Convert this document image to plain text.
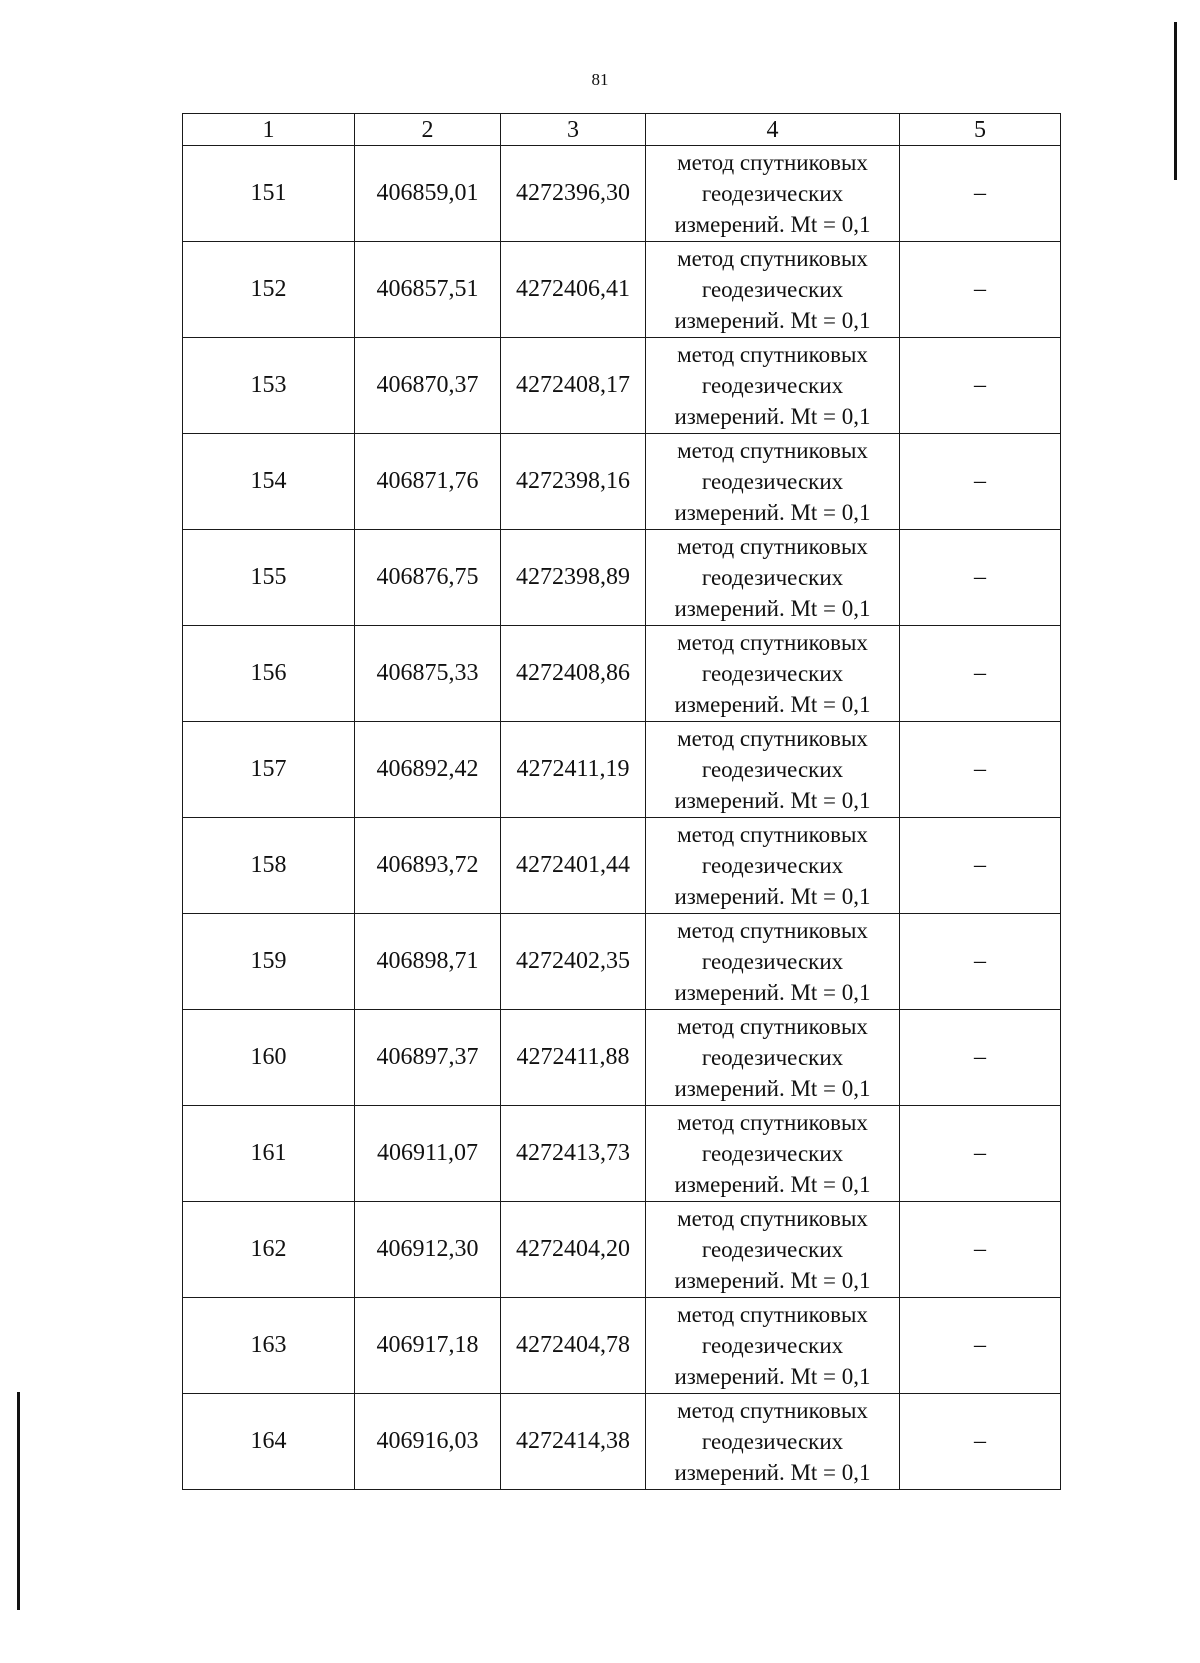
81
1	2	3	4	5
151	406859,01	4272396,30	метод спутниковых
геодезических
измерений. Mt = 0,1	–
152	406857,51	4272406,41	метод спутниковых
геодезических
измерений. Mt = 0,1	–
153	406870,37	4272408,17	метод спутниковых
геодезических
измерений. Mt = 0,1	–
154	406871,76	4272398,16	метод спутниковых
геодезических
измерений. Mt = 0,1	–
155	406876,75	4272398,89	метод спутниковых
геодезических
измерений. Mt = 0,1	–
156	406875,33	4272408,86	метод спутниковых
геодезических
измерений. Mt = 0,1	–
157	406892,42	4272411,19	метод спутниковых
геодезических
измерений. Mt = 0,1	–
158	406893,72	4272401,44	метод спутниковых
геодезических
измерений. Mt = 0,1	–
159	406898,71	4272402,35	метод спутниковых
геодезических
измерений. Mt = 0,1	–
160	406897,37	4272411,88	метод спутниковых
геодезических
измерений. Mt = 0,1	–
161	406911,07	4272413,73	метод спутниковых
геодезических
измерений. Mt = 0,1	–
162	406912,30	4272404,20	метод спутниковых
геодезических
измерений. Mt = 0,1	–
163	406917,18	4272404,78	метод спутниковых
геодезических
измерений. Mt = 0,1	–
164	406916,03	4272414,38	метод спутниковых
геодезических
измерений. Mt = 0,1	–
